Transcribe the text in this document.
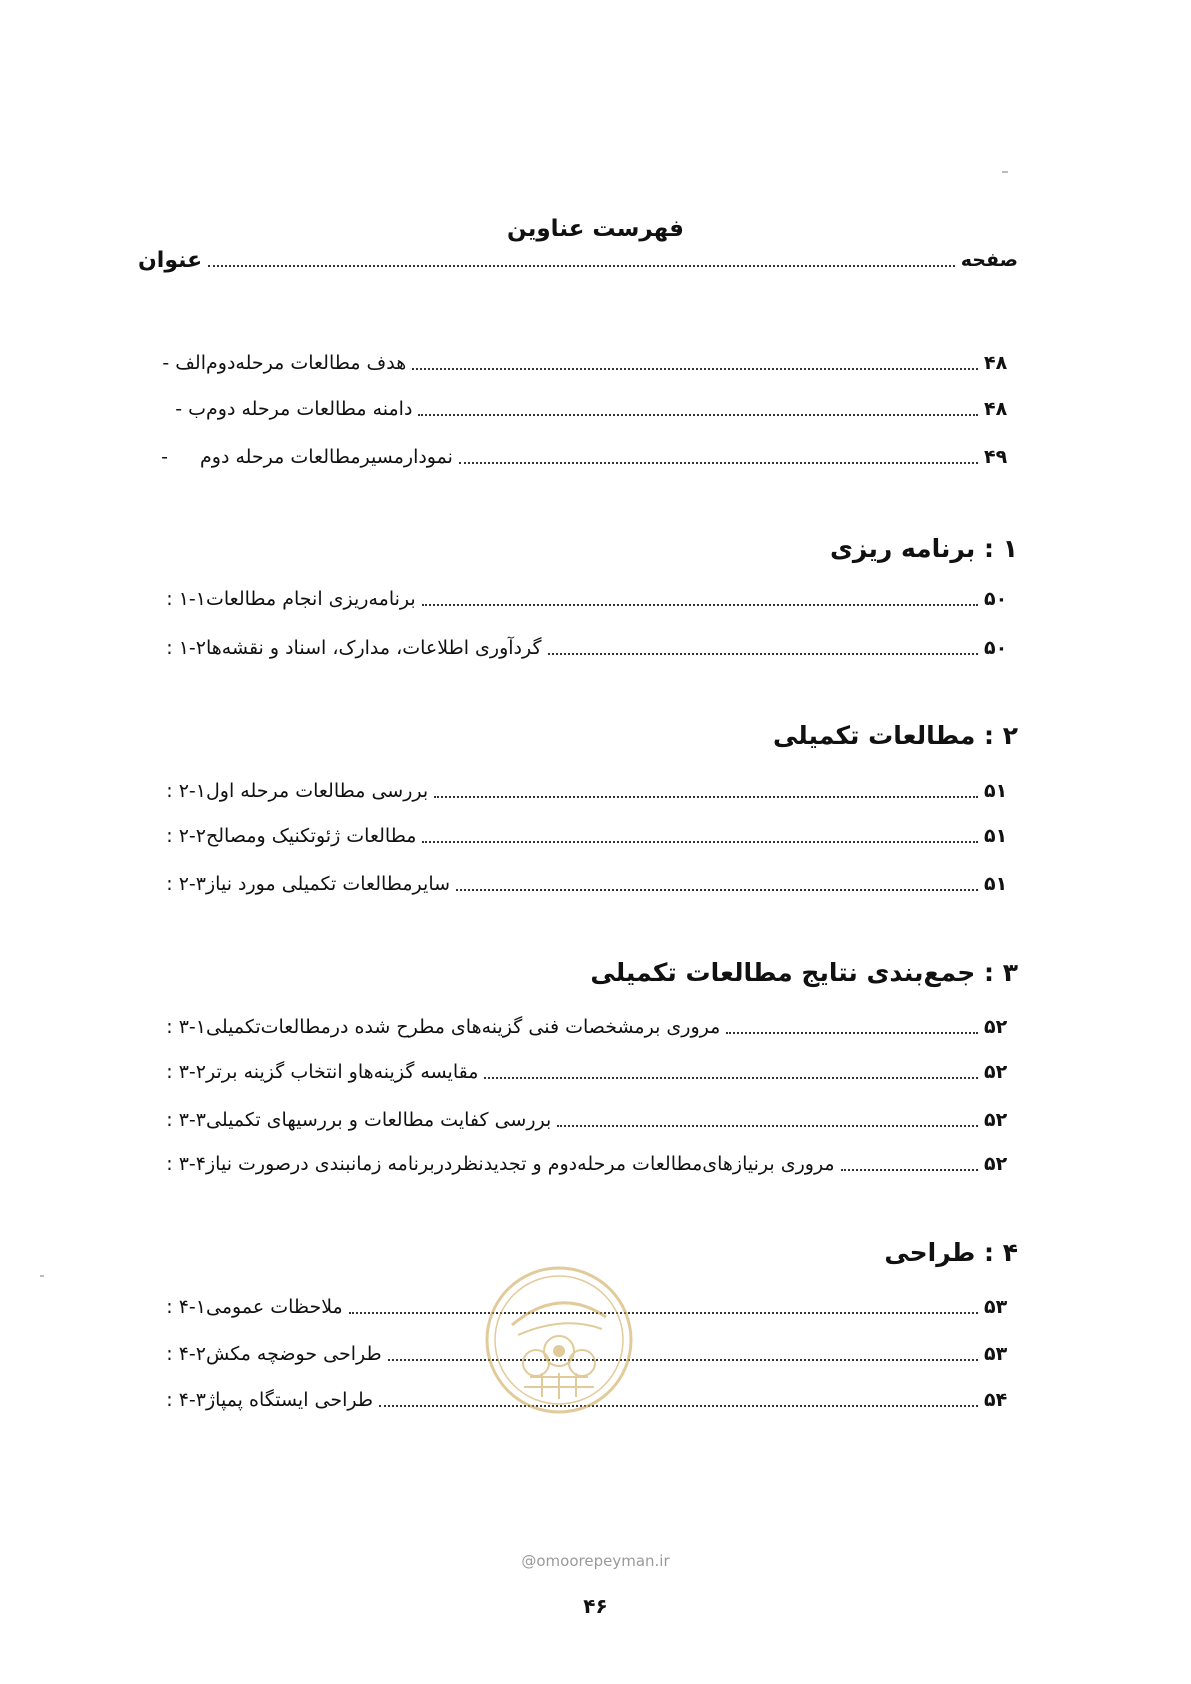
فهرست عناوین
عنوان	صفحه
الف - هدف مطالعات مرحله‌دوم	۴۸
ب - دامنه مطالعات مرحله دوم	۴۸
- نمودارمسیرمطالعات مرحله دوم	۴۹
۱ : برنامه ریزی
۱-۱ : برنامه‌ریزی انجام مطالعات	۵۰
۱-۲ : گردآوری اطلاعات، مدارک، اسناد و نقشه‌ها	۵۰
۲ : مطالعات تکمیلی
۲-۱ : بررسی مطالعات مرحله اول	۵۱
۲-۲ : مطالعات ژئوتکنیک ومصالح	۵۱
۲-۳ : سایرمطالعات تکمیلی مورد نیاز	۵۱
۳ : جمع‌بندی نتایج مطالعات تکمیلی
۳-۱ : مروری برمشخصات فنی گزینه‌های مطرح شده درمطالعات‌تکمیلی	۵۲
۳-۲ : مقایسه گزینه‌هاو انتخاب گزینه برتر	۵۲
۳-۳ : بررسی کفایت مطالعات و بررسیهای تکمیلی	۵۲
۳-۴ : مروری برنیازهای‌مطالعات مرحله‌دوم و تجدیدنظردربرنامه زمانبندی درصورت نیاز	۵۲
۴ : طراحی
۴-۱ : ملاحظات عمومی	۵۳
۴-۲ : طراحی حوضچه مکش	۵۳
۴-۳ : طراحی ایستگاه پمپاژ	۵۴
@omoorepeyman.ir
۴۶
